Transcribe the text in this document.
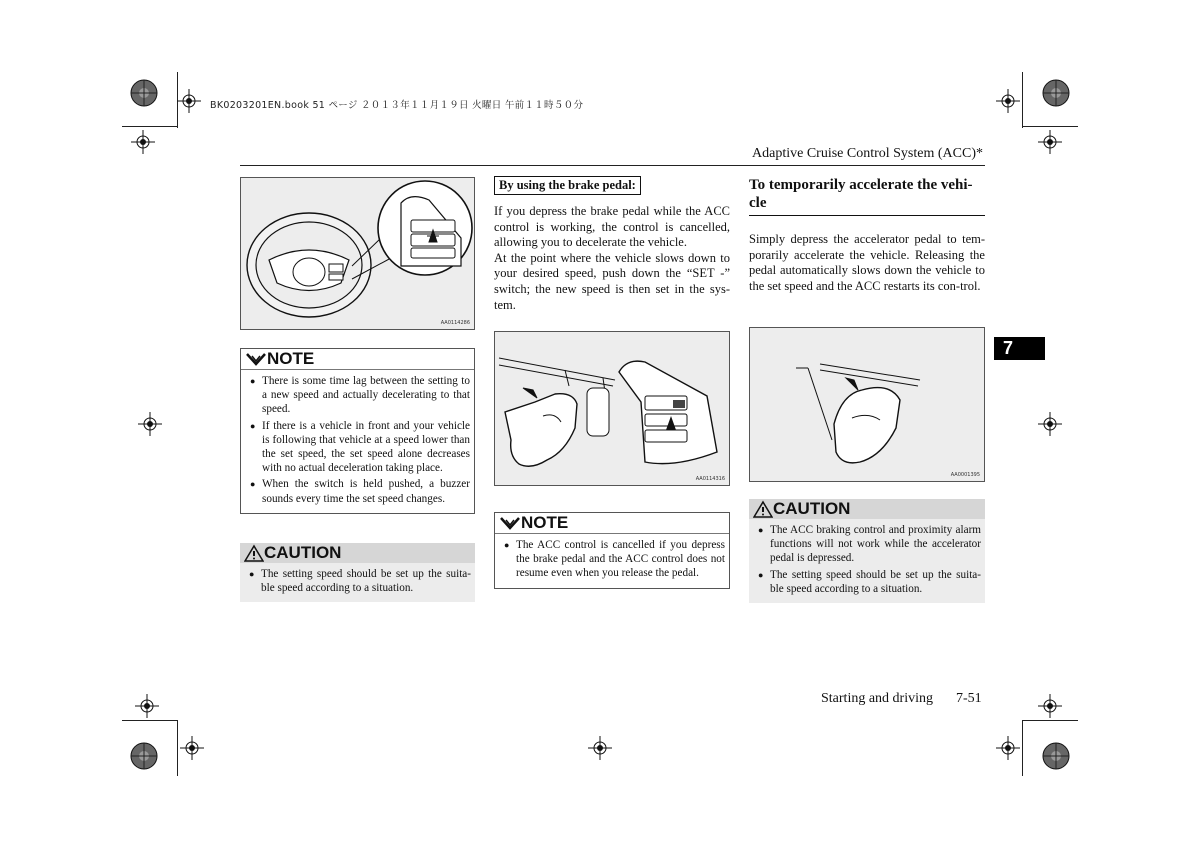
BK0203201EN.book 51 ページ ２０１３年１１月１９日 火曜日 午前１１時５０分
Adaptive Cruise Control System (ACC)*
AA0114286
NOTE
● There is some time lag between the setting to a new speed and actually decelerating to that speed.
● If there is a vehicle in front and your vehicle is following that vehicle at a speed lower than the set speed, the set speed alone decreases with no actual deceleration taking place.
● When the switch is held pushed, a buzzer sounds every time the set speed changes.
CAUTION
● The setting speed should be set up the suita-ble speed according to a situation.
By using the brake pedal:

If you depress the brake pedal while the ACC control is working, the control is cancelled, allowing you to decelerate the vehicle.

At the point where the vehicle slows down to your desired speed, push down the “SET -” switch; the new speed is then set in the sys-tem.

AA0114316
NOTE
● The ACC control is cancelled if you depress the brake pedal and the ACC control does not resume even when you release the pedal.
To temporarily accelerate the vehi-cle

Simply depress the accelerator pedal to tem-porarily accelerate the vehicle. Releasing the pedal automatically slows down the vehicle to the set speed and the ACC restarts its con-trol.

AA0001395
CAUTION
● The ACC braking control and proximity alarm functions will not work while the accelerator pedal is depressed.
● The setting speed should be set up the suita-ble speed according to a situation.
7
Starting and driving 7-51
